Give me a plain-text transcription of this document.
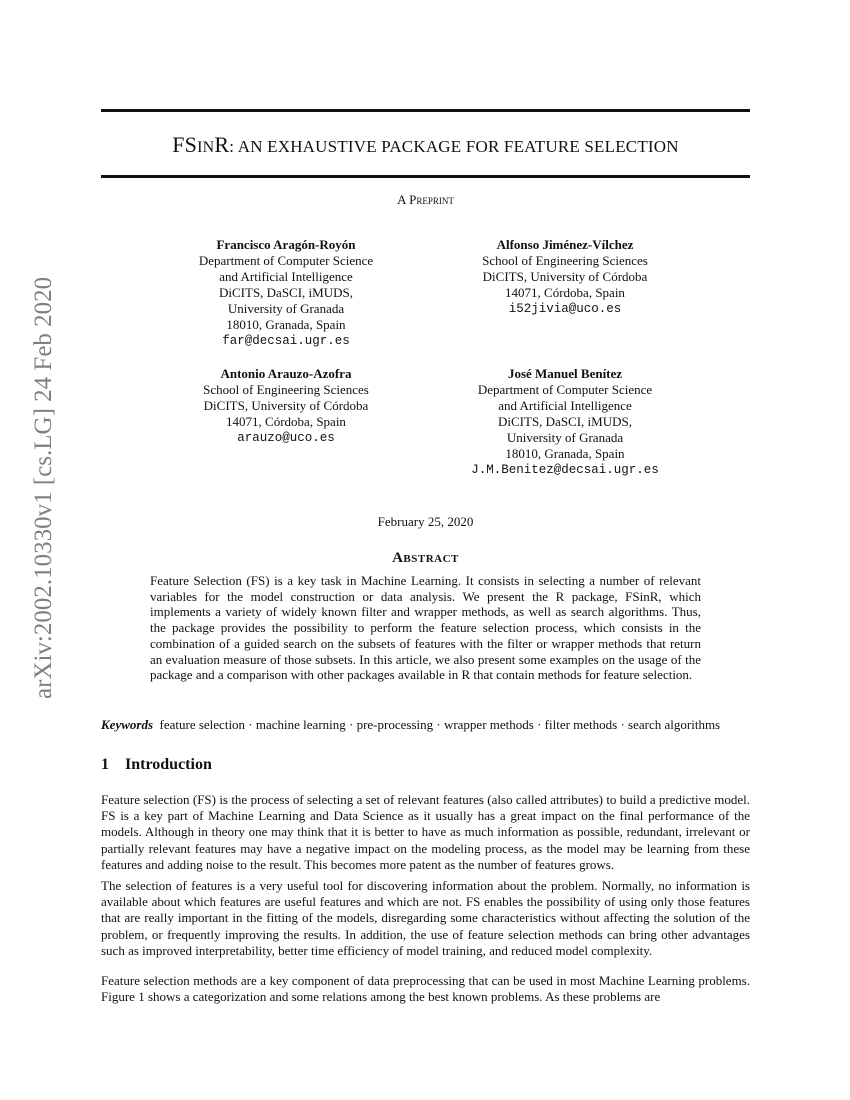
arXiv:2002.10330v1 [cs.LG] 24 Feb 2020
FSINR: AN EXHAUSTIVE PACKAGE FOR FEATURE SELECTION
A Preprint
Francisco Aragón-Royón
Department of Computer Science
and Artificial Intelligence
DiCITS, DaSCI, iMUDS,
University of Granada
18010, Granada, Spain
far@decsai.ugr.es
Alfonso Jiménez-Vílchez
School of Engineering Sciences
DiCITS, University of Córdoba
14071, Córdoba, Spain
i52jivia@uco.es
Antonio Arauzo-Azofra
School of Engineering Sciences
DiCITS, University of Córdoba
14071, Córdoba, Spain
arauzo@uco.es
José Manuel Benítez
Department of Computer Science
and Artificial Intelligence
DiCITS, DaSCI, iMUDS,
University of Granada
18010, Granada, Spain
J.M.Benitez@decsai.ugr.es
February 25, 2020
Abstract
Feature Selection (FS) is a key task in Machine Learning. It consists in selecting a number of relevant variables for the model construction or data analysis. We present the R package, FSinR, which implements a variety of widely known filter and wrapper methods, as well as search algorithms. Thus, the package provides the possibility to perform the feature selection process, which consists in the combination of a guided search on the subsets of features with the filter or wrapper methods that return an evaluation measure of those subsets. In this article, we also present some examples on the usage of the package and a comparison with other packages available in R that contain methods for feature selection.
Keywords feature selection · machine learning · pre-processing · wrapper methods · filter methods · search algorithms
1 Introduction
Feature selection (FS) is the process of selecting a set of relevant features (also called attributes) to build a predictive model. FS is a key part of Machine Learning and Data Science as it usually has a great impact on the final performance of the models. Although in theory one may think that it is better to have as much information as possible, redundant, irrelevant or partially relevant features may have a negative impact on the modeling process, as the model may be learning from these features and adding noise to the result. This becomes more patent as the number of features grows.
The selection of features is a very useful tool for discovering information about the problem. Normally, no information is available about which features are useful features and which are not. FS enables the possibility of using only those features that are really important in the fitting of the models, disregarding some characteristics without affecting the solution of the problem, or frequently improving the results. In addition, the use of feature selection methods can bring other advantages such as improved interpretability, better time efficiency of model training, and reduced model complexity.
Feature selection methods are a key component of data preprocessing that can be used in most Machine Learning problems. Figure 1 shows a categorization and some relations among the best known problems. As these problems are
